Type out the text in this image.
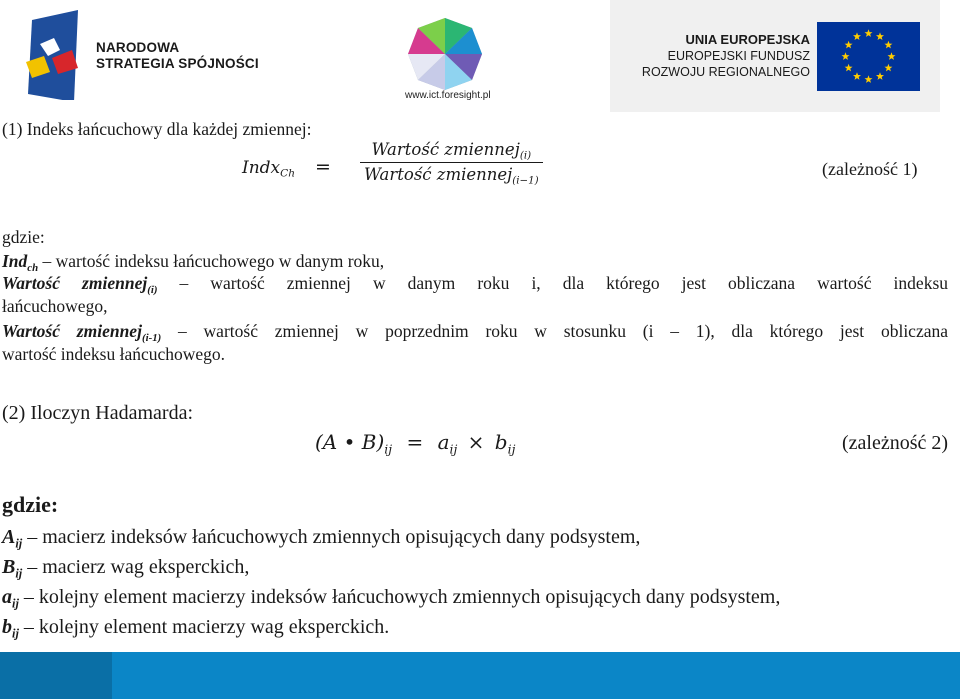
NARODOWA
STRATEGIA SPÓJNOŚCI
www.ict.foresight.pl
UNIA EUROPEJSKA
EUROPEJSKI FUNDUSZ
ROZWOJU REGIONALNEGO
(1) Indeks łańcuchowy dla każdej zmiennej:
Indx$_{Ch}$ =
Wartość zmiennej$_{(i)}$
Wartość zmiennej$_{(i-1)}$
(zależność 1)
gdzie:
Ind$_{ch}$ – wartość indeksu łańcuchowego w danym roku,
Wartość zmiennej$_{(i)}$ – wartość zmiennej w danym roku i, dla którego jest obliczana wartość indeksu
łańcuchowego,
Wartość zmiennej$_{(i-1)}$ – wartość zmiennej w poprzednim roku w stosunku (i – 1), dla którego jest obliczana
wartość indeksu łańcuchowego.
(2) Iloczyn Hadamarda:
(A • $B)_{ij} = a_{ij} \times b_{ij}$	(zależność 2)
gdzie:
$A_{ij}$ – macierz indeksów łańcuchowych zmiennych opisujących dany podsystem,
$B_{ij}$ – macierz wag eksperckich,
$a_{ij}$ – kolejny element macierzy indeksów łańcuchowych zmiennych opisujących dany podsystem,
$b_{ij}$ – kolejny element macierzy wag eksperckich.
